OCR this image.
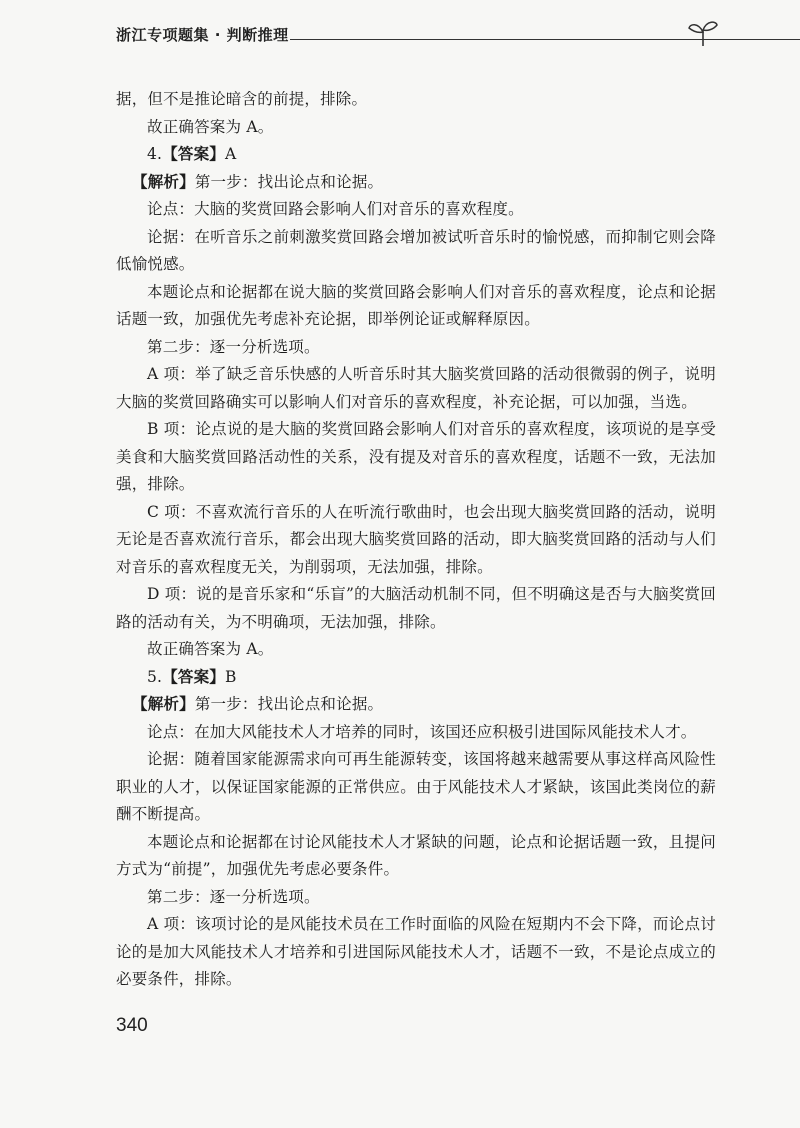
浙江专项题集 · 判断推理

据，但不是推论暗含的前提，排除。

故正确答案为 A。

4.【答案】A

【解析】第一步：找出论点和论据。

论点：大脑的奖赏回路会影响人们对音乐的喜欢程度。

论据：在听音乐之前刺激奖赏回路会增加被试听音乐时的愉悦感，而抑制它则会降低愉悦感。

本题论点和论据都在说大脑的奖赏回路会影响人们对音乐的喜欢程度，论点和论据话题一致，加强优先考虑补充论据，即举例论证或解释原因。

第二步：逐一分析选项。

A 项：举了缺乏音乐快感的人听音乐时其大脑奖赏回路的活动很微弱的例子，说明大脑的奖赏回路确实可以影响人们对音乐的喜欢程度，补充论据，可以加强，当选。

B 项：论点说的是大脑的奖赏回路会影响人们对音乐的喜欢程度，该项说的是享受美食和大脑奖赏回路活动性的关系，没有提及对音乐的喜欢程度，话题不一致，无法加强，排除。

C 项：不喜欢流行音乐的人在听流行歌曲时，也会出现大脑奖赏回路的活动，说明无论是否喜欢流行音乐，都会出现大脑奖赏回路的活动，即大脑奖赏回路的活动与人们对音乐的喜欢程度无关，为削弱项，无法加强，排除。

D 项：说的是音乐家和“乐盲”的大脑活动机制不同，但不明确这是否与大脑奖赏回路的活动有关，为不明确项，无法加强，排除。

故正确答案为 A。

5.【答案】B

【解析】第一步：找出论点和论据。

论点：在加大风能技术人才培养的同时，该国还应积极引进国际风能技术人才。

论据：随着国家能源需求向可再生能源转变，该国将越来越需要从事这样高风险性职业的人才，以保证国家能源的正常供应。由于风能技术人才紧缺，该国此类岗位的薪酬不断提高。

本题论点和论据都在讨论风能技术人才紧缺的问题，论点和论据话题一致，且提问方式为“前提”，加强优先考虑必要条件。

第二步：逐一分析选项。

A 项：该项讨论的是风能技术员在工作时面临的风险在短期内不会下降，而论点讨论的是加大风能技术人才培养和引进国际风能技术人才，话题不一致，不是论点成立的必要条件，排除。

340
